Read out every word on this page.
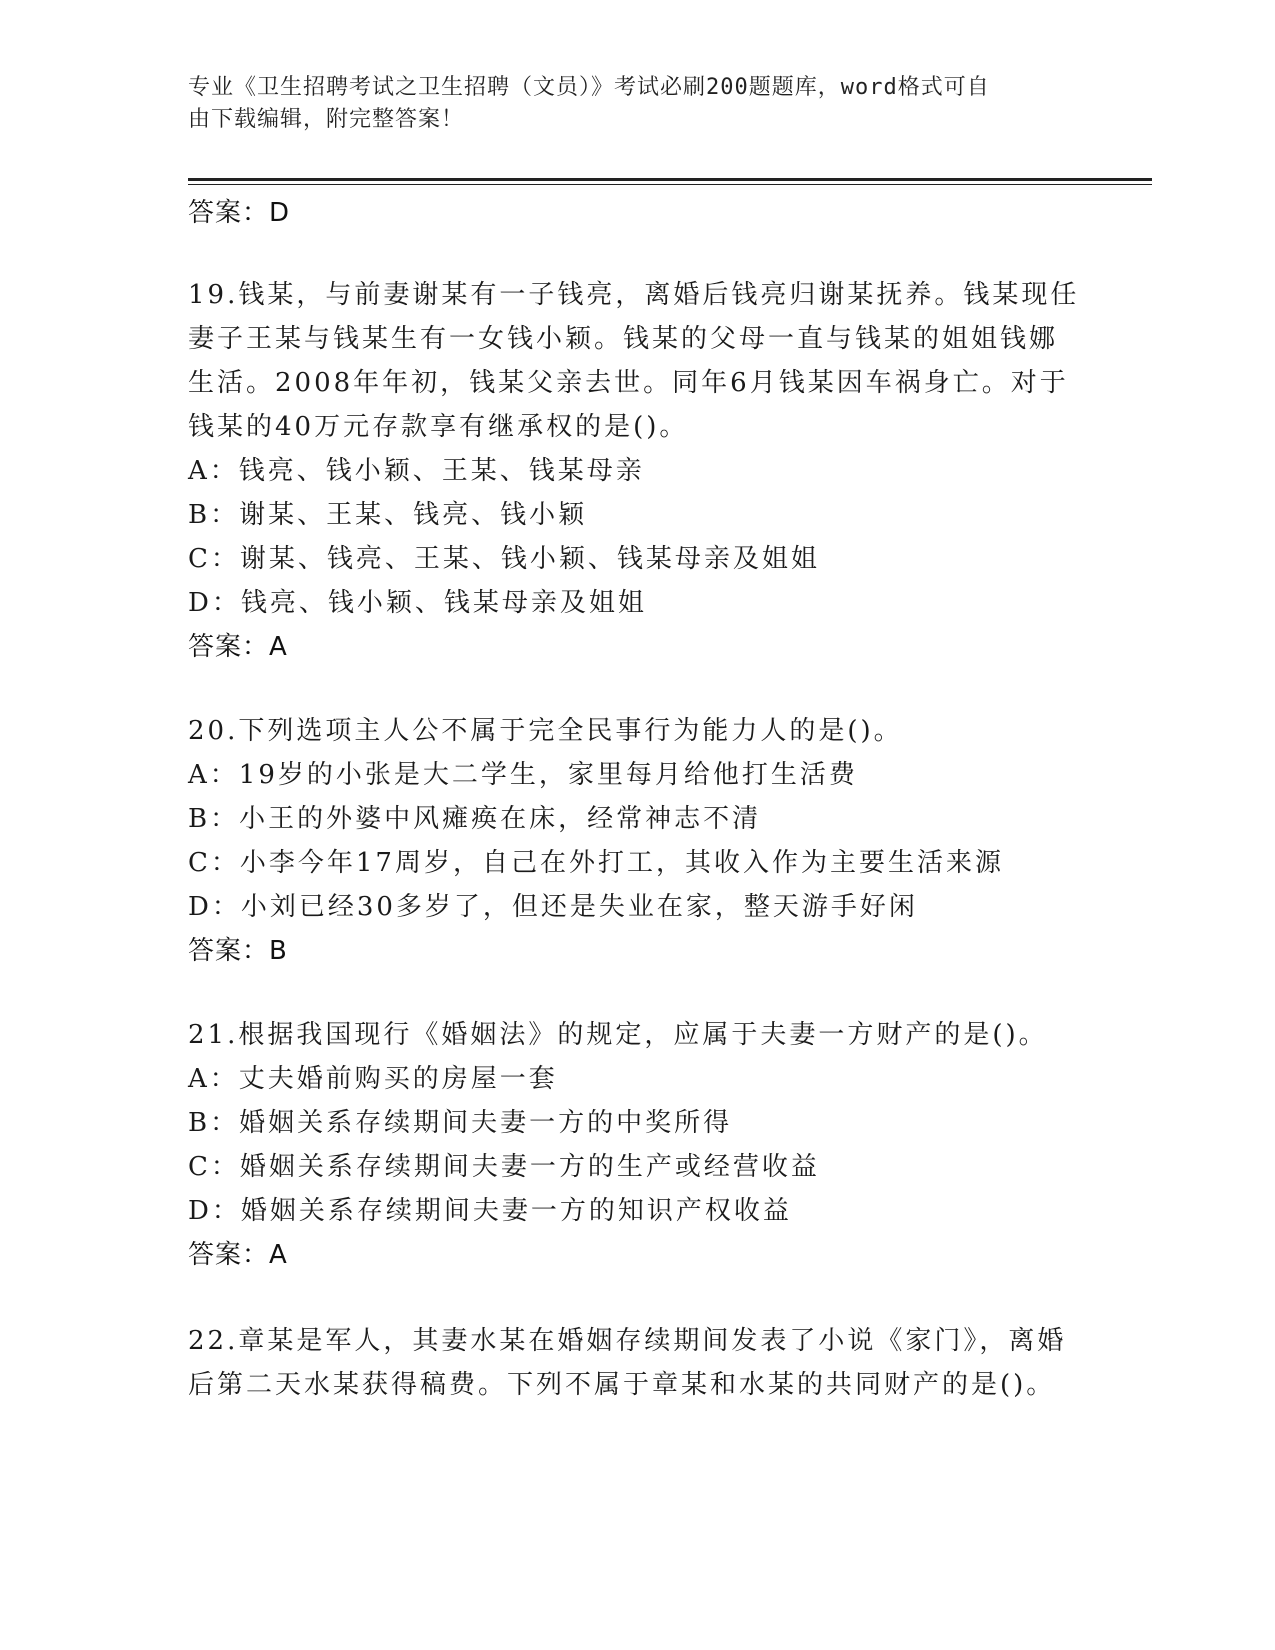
专业《卫生招聘考试之卫生招聘（文员）》考试必刷200题题库，word格式可自
由下载编辑，附完整答案！
答案：D
19.钱某，与前妻谢某有一子钱亮，离婚后钱亮归谢某抚养。钱某现任
妻子王某与钱某生有一女钱小颖。钱某的父母一直与钱某的姐姐钱娜
生活。2008年年初，钱某父亲去世。同年6月钱某因车祸身亡。对于
钱某的40万元存款享有继承权的是()。
A：钱亮、钱小颖、王某、钱某母亲
B：谢某、王某、钱亮、钱小颖
C：谢某、钱亮、王某、钱小颖、钱某母亲及姐姐
D：钱亮、钱小颖、钱某母亲及姐姐
答案：A
20.下列选项主人公不属于完全民事行为能力人的是()。
A：19岁的小张是大二学生，家里每月给他打生活费
B：小王的外婆中风瘫痪在床，经常神志不清
C：小李今年17周岁，自己在外打工，其收入作为主要生活来源
D：小刘已经30多岁了，但还是失业在家，整天游手好闲
答案：B
21.根据我国现行《婚姻法》的规定，应属于夫妻一方财产的是()。
A：丈夫婚前购买的房屋一套
B：婚姻关系存续期间夫妻一方的中奖所得
C：婚姻关系存续期间夫妻一方的生产或经营收益
D：婚姻关系存续期间夫妻一方的知识产权收益
答案：A
22.章某是军人，其妻水某在婚姻存续期间发表了小说《家门》，离婚
后第二天水某获得稿费。下列不属于章某和水某的共同财产的是()。
